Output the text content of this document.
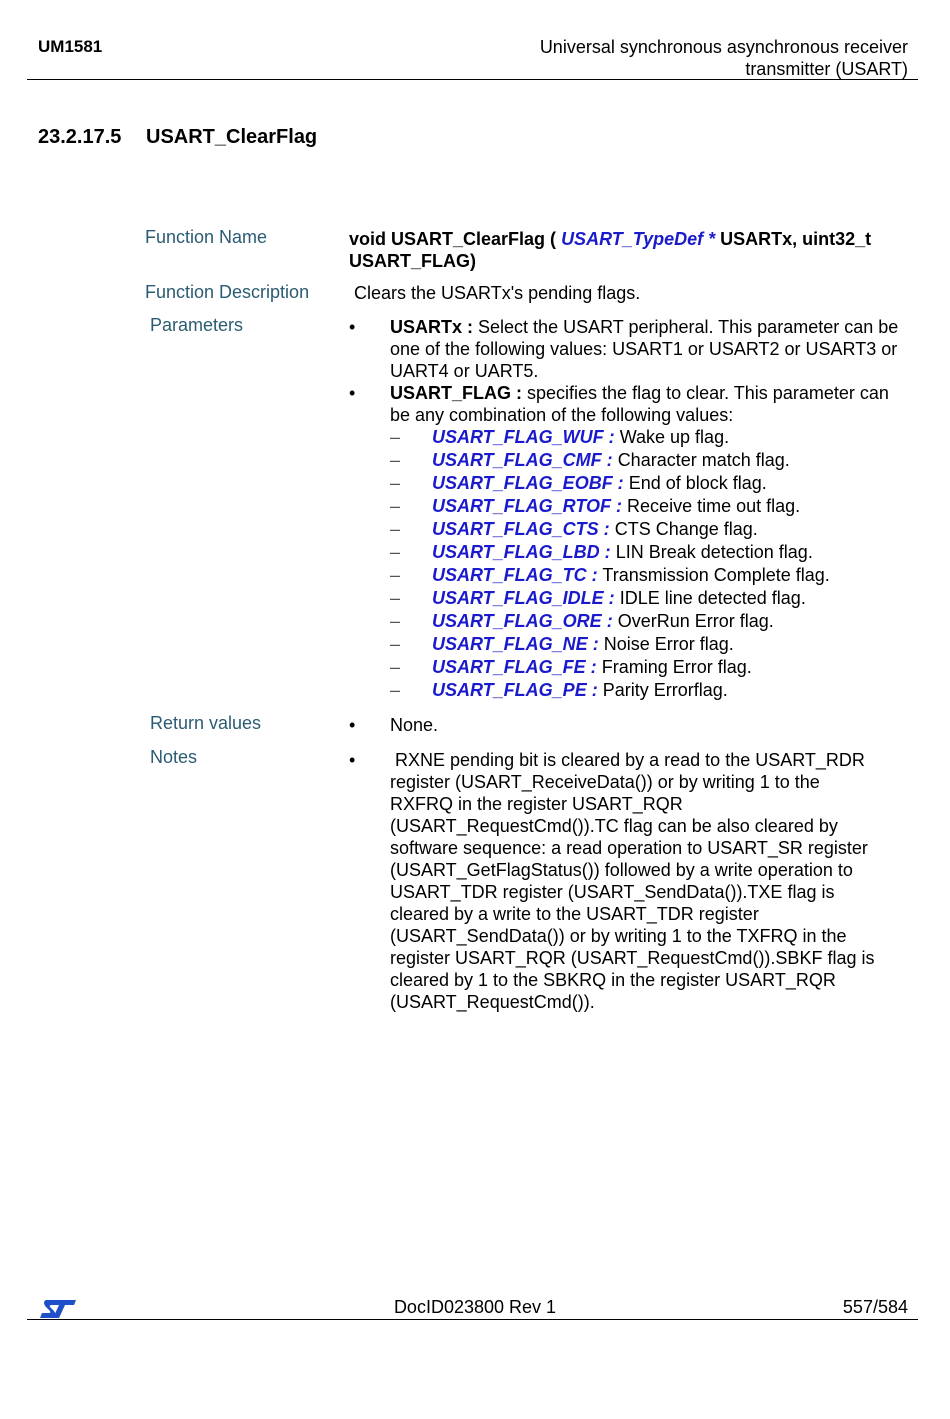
UM1581	Universal synchronous asynchronous receiver
transmitter (USART)
23.2.17.5 USART_ClearFlag
Function Name	void USART_ClearFlag ( USART_TypeDef * USARTx, uint32_t
USART_FLAG)
Function Description Clears the USARTx's pending flags.
Parameters	• USARTx : Select the USART peripheral. This parameter can be one of the following values: USART1 or USART2 or USART3 or UART4 or UART5.
• USART_FLAG : specifies the flag to clear. This parameter can be any combination of the following values:
– USART_FLAG_WUF : Wake up flag.
– USART_FLAG_CMF : Character match flag.
– USART_FLAG_EOBF : End of block flag.
– USART_FLAG_RTOF : Receive time out flag.
– USART_FLAG_CTS : CTS Change flag.
– USART_FLAG_LBD : LIN Break detection flag.
– USART_FLAG_TC : Transmission Complete flag.
– USART_FLAG_IDLE : IDLE line detected flag.
– USART_FLAG_ORE : OverRun Error flag.
– USART_FLAG_NE : Noise Error flag.
– USART_FLAG_FE : Framing Error flag.
– USART_FLAG_PE : Parity Errorflag.
Return values	• None.
Notes	• RXNE pending bit is cleared by a read to the USART_RDR
register (USART_ReceiveData()) or by writing 1 to the
RXFRQ in the register USART_RQR
(USART_RequestCmd()).TC flag can be also cleared by
software sequence: a read operation to USART_SR register
(USART_GetFlagStatus()) followed by a write operation to
USART_TDR register (USART_SendData()).TXE flag is
cleared by a write to the USART_TDR register
(USART_SendData()) or by writing 1 to the TXFRQ in the
register USART_RQR (USART_RequestCmd()).SBKF flag is
cleared by 1 to the SBKRQ in the register USART_RQR
(USART_RequestCmd()).
DocID023800 Rev 1	557/584
